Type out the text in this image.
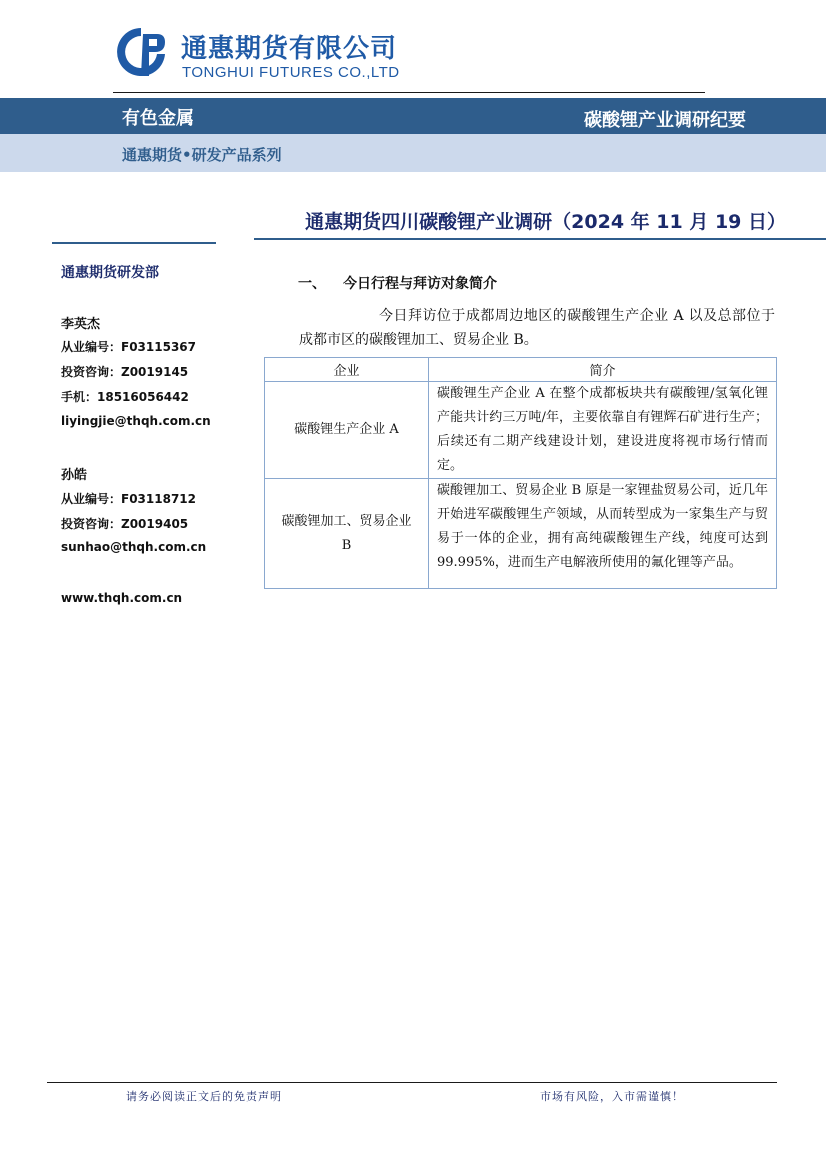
通惠期货有限公司
TONGHUI FUTURES CO.,LTD
有色金属	碳酸锂产业调研纪要
通惠期货•研发产品系列
通惠期货四川碳酸锂产业调研（2024 年 11 月 19 日）
通惠期货研发部
李英杰
从业编号：F03115367
投资咨询：Z0019145
手机：18516056442
liyingjie@thqh.com.cn
孙皓
从业编号：F03118712
投资咨询：Z0019405
sunhao@thqh.com.cn
www.thqh.com.cn
一、 今日行程与拜访对象简介
今日拜访位于成都周边地区的碳酸锂生产企业 A 以及总部位于成都市区的碳酸锂加工、贸易企业 B。
企业	简介
碳酸锂生产企业 A	碳酸锂生产企业 A 在整个成都板块共有碳酸锂/氢氧化锂产能共计约三万吨/年，主要依靠自有锂辉石矿进行生产；后续还有二期产线建设计划，建设进度将视市场行情而定。
碳酸锂加工、贸易企业 B	碳酸锂加工、贸易企业 B 原是一家锂盐贸易公司，近几年开始进军碳酸锂生产领域，从而转型成为一家集生产与贸易于一体的企业，拥有高纯碳酸锂生产线，纯度可达到 99.995%，进而生产电解液所使用的氟化锂等产品。
请务必阅读正文后的免责声明	市场有风险，入市需谨慎！
